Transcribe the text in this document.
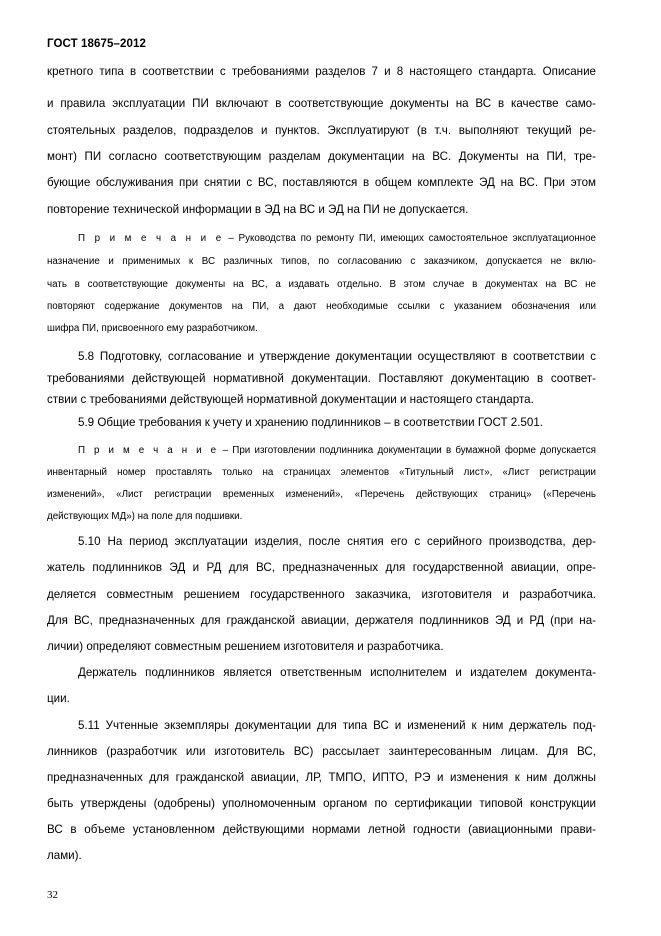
ГОСТ 18675–2012
кретного типа в соответствии с требованиями разделов 7 и 8 настоящего стандарта. Описание
и правила эксплуатации ПИ включают в соответствующие документы на ВС в качестве само-
стоятельных разделов, подразделов и пунктов. Эксплуатируют (в т.ч. выполняют текущий ре-
монт) ПИ согласно соответствующим разделам документации на ВС. Документы на ПИ, тре-
бующие обслуживания при снятии с ВС, поставляются в общем комплекте ЭД на ВС. При этом
повторение технической информации в ЭД на ВС и ЭД на ПИ не допускается.
П р и м е ч а н и е – Руководства по ремонту ПИ, имеющих самостоятельное эксплуатационное
назначение и применимых к ВС различных типов, по согласованию с заказчиком, допускается не вклю-
чать в соответствующие документы на ВС, а издавать отдельно. В этом случае в документах на ВС не
повторяют содержание документов на ПИ, а дают необходимые ссылки с указанием обозначения или
шифра ПИ, присвоенного ему разработчиком.
5.8 Подготовку, согласование и утверждение документации осуществляют в соответствии с
требованиями действующей нормативной документации. Поставляют документацию в соответ-
ствии с требованиями действующей нормативной документации и настоящего стандарта.
5.9 Общие требования к учету и хранению подлинников – в соответствии ГОСТ 2.501.
П р и м е ч а н и е – При изготовлении подлинника документации в бумажной форме допускается
инвентарный номер проставлять только на страницах элементов «Титульный лист», «Лист регистрации
изменений», «Лист регистрации временных изменений», «Перечень действующих страниц» («Перечень
действующих МД») на поле для подшивки.
5.10 На период эксплуатации изделия, после снятия его с серийного производства, дер-
жатель подлинников ЭД и РД для ВС, предназначенных для государственной авиации, опре-
деляется совместным решением государственного заказчика, изготовителя и разработчика.
Для ВС, предназначенных для гражданской авиации, держателя подлинников ЭД и РД (при на-
личии) определяют совместным решением изготовителя и разработчика.
Держатель подлинников является ответственным исполнителем и издателем документа-
ции.
5.11 Учтенные экземпляры документации для типа ВС и изменений к ним держатель под-
линников (разработчик или изготовитель ВС) рассылает заинтересованным лицам. Для ВС,
предназначенных для гражданской авиации, ЛР, ТМПО, ИПТО, РЭ и изменения к ним должны
быть утверждены (одобрены) уполномоченным органом по сертификации типовой конструкции
ВС в объеме установленном действующими нормами летной годности (авиационными прави-
лами).
32
